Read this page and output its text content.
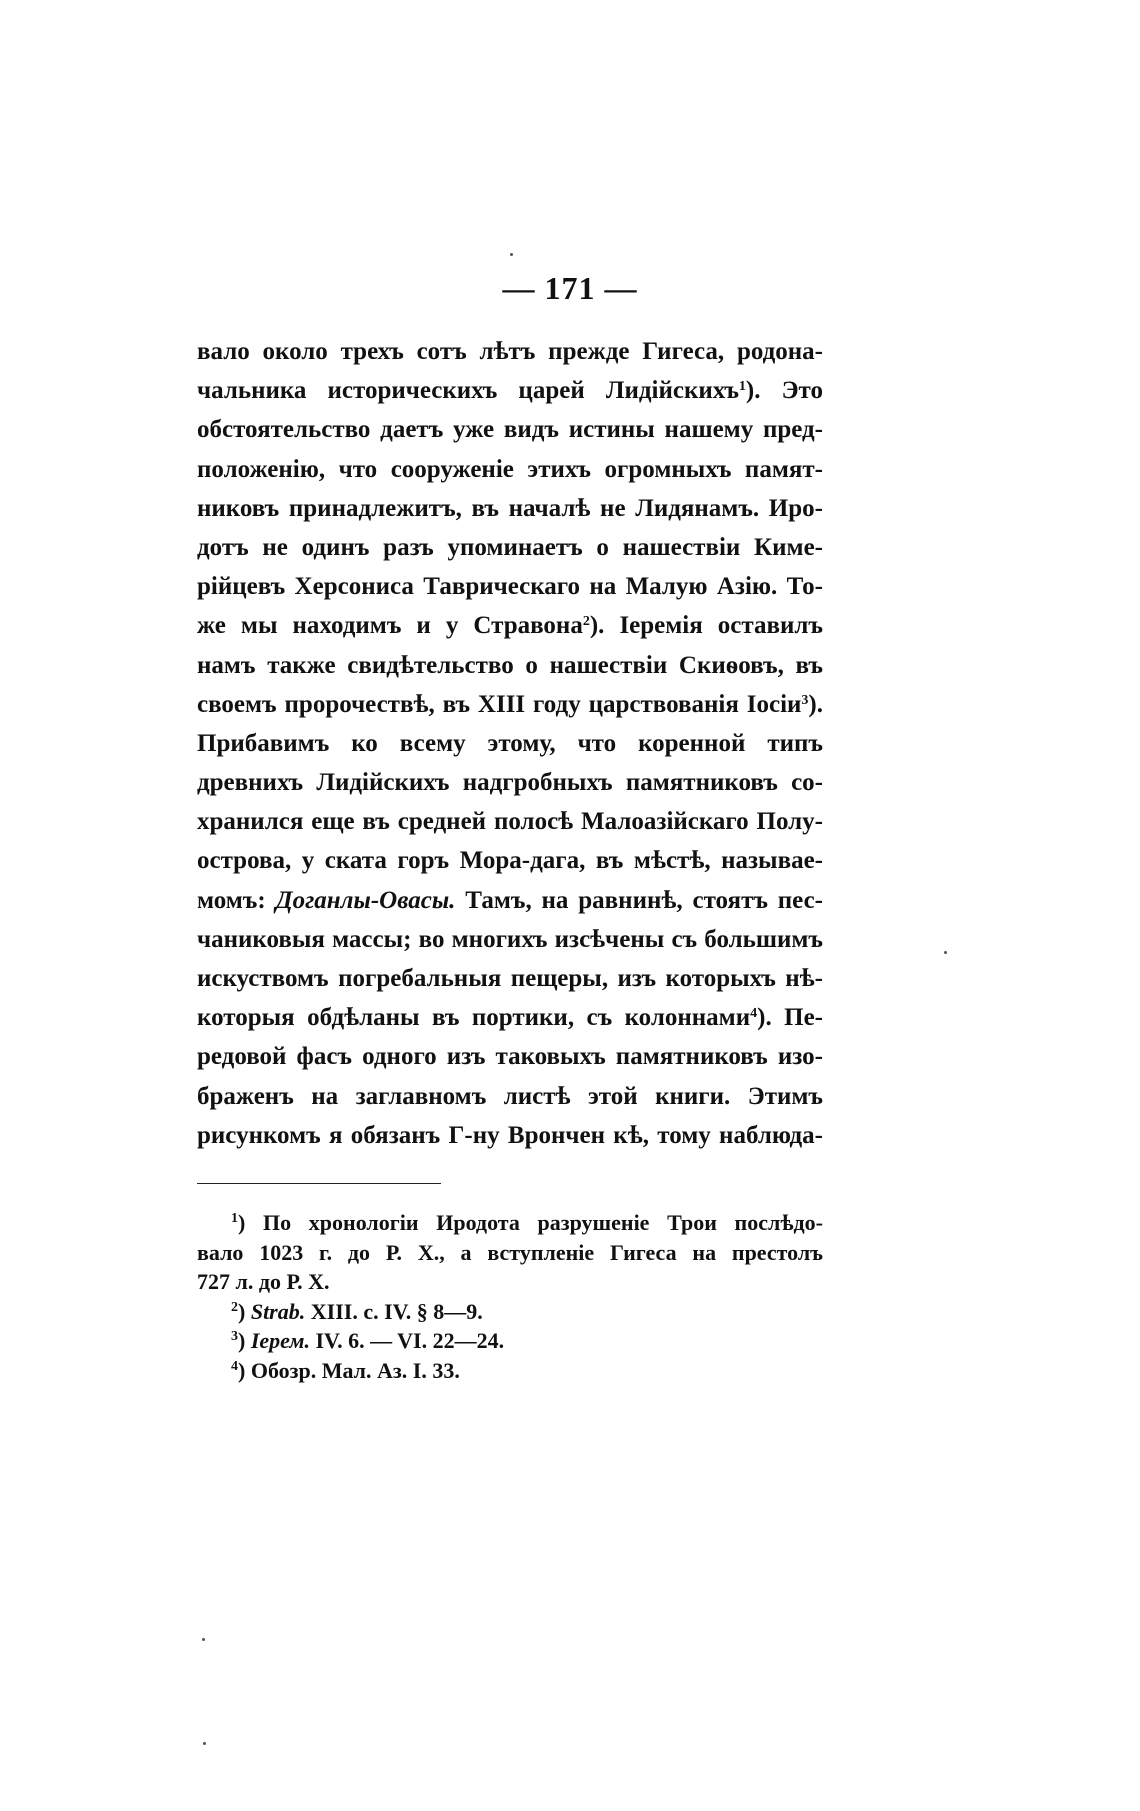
— 171 —
вало около трехъ сотъ лѣтъ прежде Гигеса, родона-
чальника историческихъ царей Лидійскихъ$^1$). Это
обстоятельство даетъ уже видъ истины нашему пред-
положенію, что сооруженіе этихъ огромныхъ памят-
никовъ принадлежитъ, въ началѣ не Лидянамъ. Иро-
дотъ не одинъ разъ упоминаетъ о нашествіи Киме-
рійцевъ Херсониса Таврическаго на Малую Азію. То-
же мы находимъ и у Стравона$^2$). Іеремія оставилъ
намъ также свидѣтельство о нашествіи Скиѳовъ, въ
своемъ пророчествѣ, въ XIII году царствованія Іосіи$^3$).
Прибавимъ ко всему этому, что коренной типъ
древнихъ Лидійскихъ надгробныхъ памятниковъ со-
хранился еще въ средней полосѣ Малоазійскаго Полу-
острова, у ската горъ Мора-дага, въ мѣстѣ, называе-
момъ: Доганлы-Овасы. Тамъ, на равнинѣ, стоятъ пес-
чаниковыя массы; во многихъ изсѣчены съ большимъ
искуствомъ погребальныя пещеры, изъ которыхъ нѣ-
которыя обдѣланы въ портики, съ колоннами$^4$). Пе-
редовой фасъ одного изъ таковыхъ памятниковъ изо-
браженъ на заглавномъ листѣ этой книги. Этимъ
рисункомъ я обязанъ Г-ну Врончен кѣ, тому наблюда-
$^1$) По хронологіи Иродота разрушеніе Трои послѣдо-
вало 1023 г. до Р. Х., а вступленіе Гигеса на престолъ
727 л. до Р. Х.
$^2$) Strab. XIII. c. IV. § 8—9.
$^3$) Іерем. IV. 6. — VI. 22—24.
$^4$) Обозр. Мал. Аз. I. 33.
